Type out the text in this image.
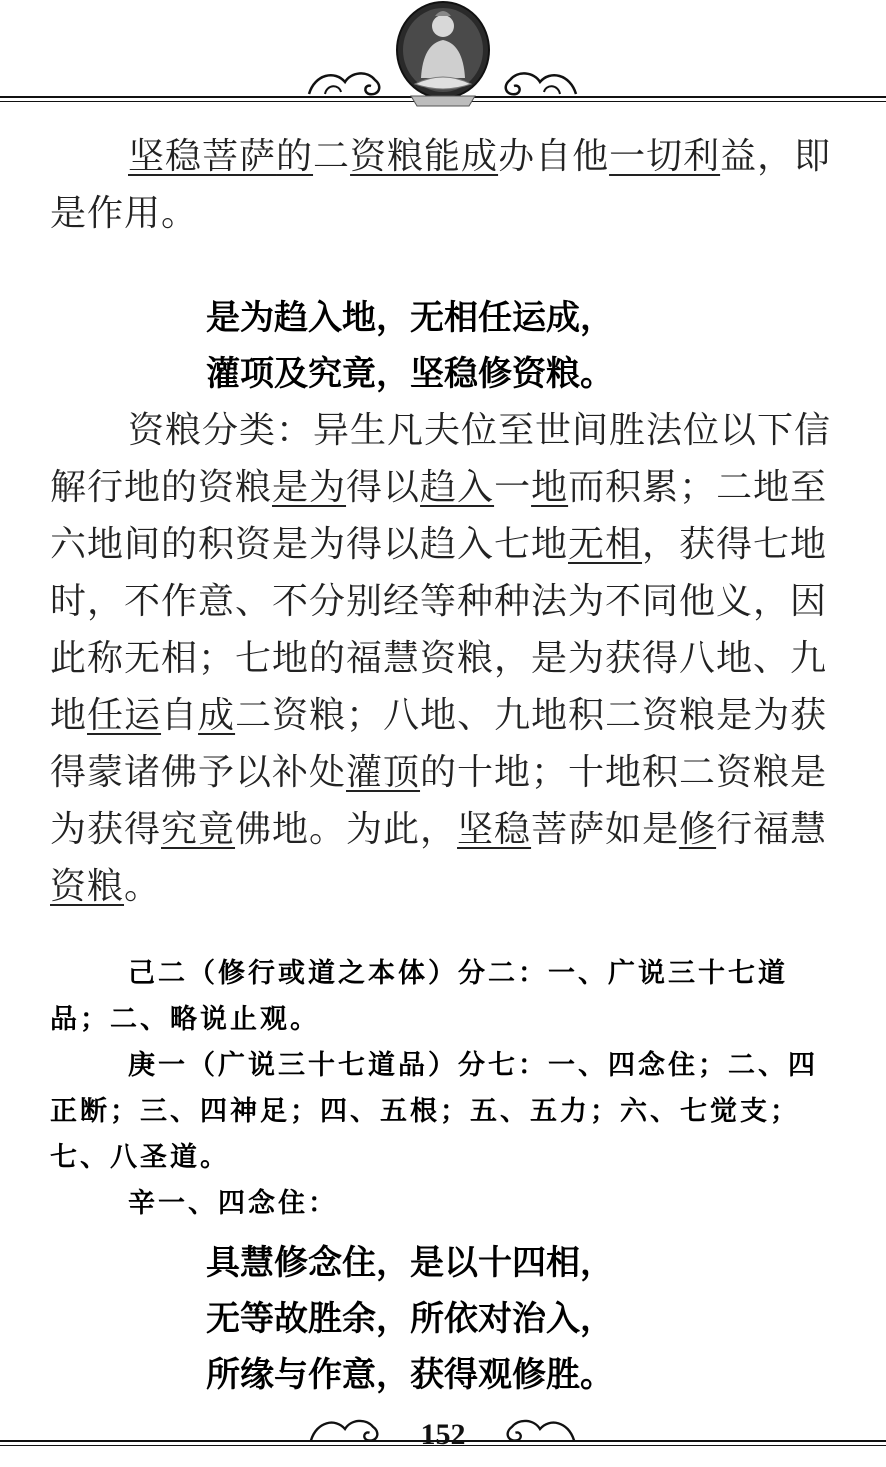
坚稳菩萨的二资粮能成办自他一切利益，即是作用。

是为趋入地，无相任运成，

灌项及究竟，坚稳修资粮。

资粮分类：异生凡夫位至世间胜法位以下信解行地的资粮是为得以趋入一地而积累；二地至六地间的积资是为得以趋入七地无相，获得七地时，不作意、不分别经等种种法为不同他义，因此称无相；七地的福慧资粮，是为获得八地、九地任运自成二资粮；八地、九地积二资粮是为获得蒙诸佛予以补处灌顶的十地；十地积二资粮是为获得究竟佛地。为此，坚稳菩萨如是修行福慧资粮。

己二（修行或道之本体）分二：一、广说三十七道品；二、略说止观。

庚一（广说三十七道品）分七：一、四念住；二、四正断；三、四神足；四、五根；五、五力；六、七觉支；七、八圣道。

辛一、四念住：

具慧修念住，是以十四相，

无等故胜余，所依对治入，

所缘与作意，获得观修胜。

152
